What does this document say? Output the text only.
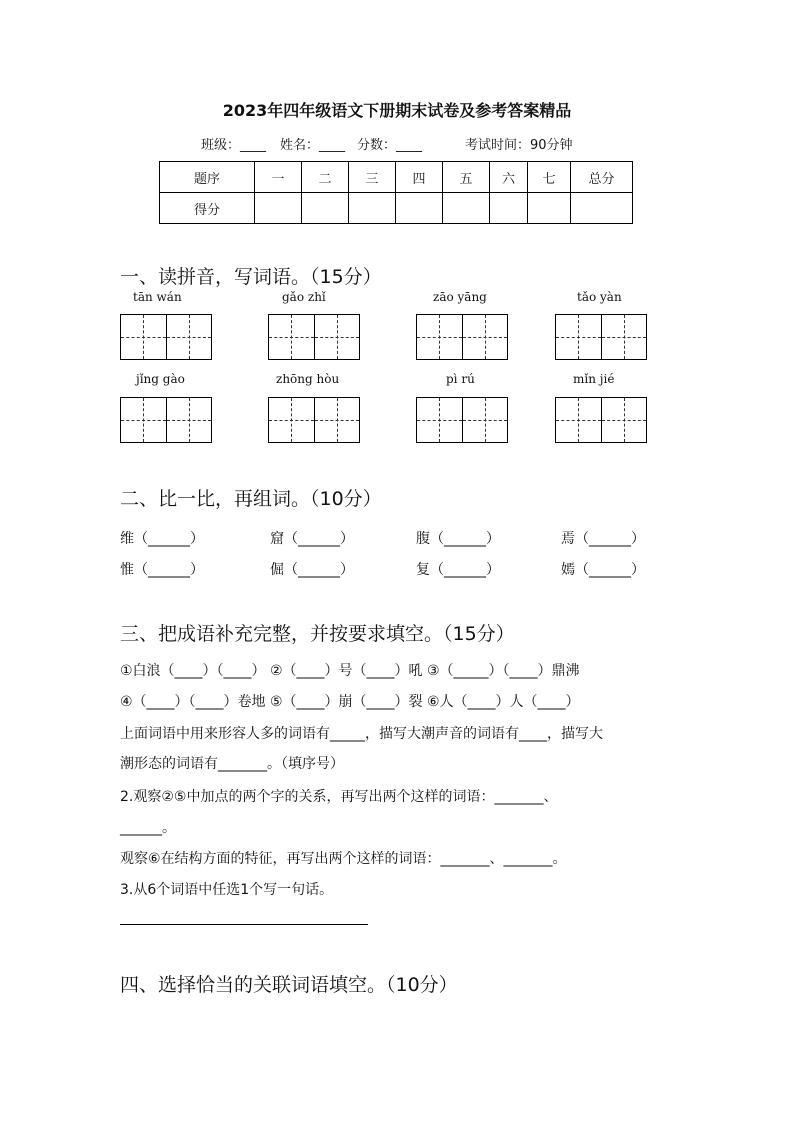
2023年四年级语文下册期末试卷及参考答案精品
班级：____ 姓名：____ 分数：____	考试时间：90分钟
题序	一	二	三	四	五	六	七	总分
得分								
一、读拼音，写词语。（15分）
tān wán	gǎo zhǐ	zāo yāng	tǎo yàn
jǐng gào	zhōng hòu	pì rú	mǐn jié
二、比一比，再组词。（10分）
维（______）	窟（______）	腹（______）	焉（______）
惟（______）	倔（______）	复（______）	嫣（______）
三、把成语补充完整，并按要求填空。（15分）
①白浪（____）（____） ②（____）号（____）吼 ③（_____）（____）鼎沸
④（____）（____）卷地 ⑤（____）崩（____）裂 ⑥人（____）人（____）
上面词语中用来形容人多的词语有_____，描写大潮声音的词语有____，描写大
潮形态的词语有_______。（填序号）
2.观察②⑤中加点的两个字的关系，再写出两个这样的词语：_______、
______。
观察⑥在结构方面的特征，再写出两个这样的词语：_______、_______。
3.从6个词语中任选1个写一句话。
四、选择恰当的关联词语填空。（10分）
